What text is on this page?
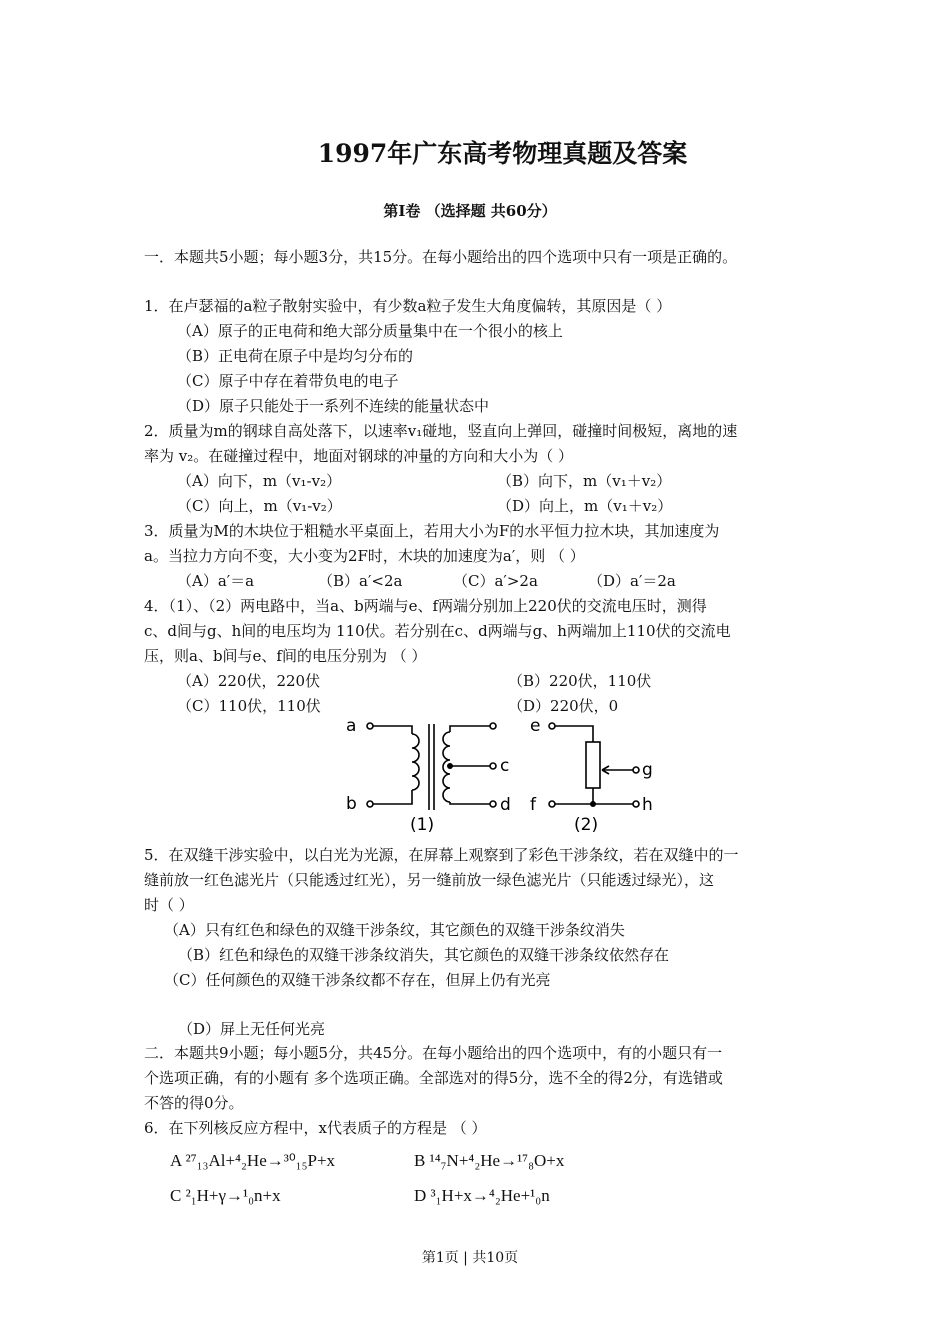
1997年广东高考物理真题及答案
第Ⅰ卷 （选择题 共60分）
一．本题共5小题；每小题3分，共15分。在每小题给出的四个选项中只有一项是正确的。
1．在卢瑟福的a粒子散射实验中，有少数a粒子发生大角度偏转，其原因是（ ）
（A）原子的正电荷和绝大部分质量集中在一个很小的核上
（B）正电荷在原子中是均匀分布的
（C）原子中存在着带负电的电子
（D）原子只能处于一系列不连续的能量状态中
2．质量为m的钢球自高处落下，以速率v₁碰地，竖直向上弹回，碰撞时间极短，离地的速
率为 v₂。在碰撞过程中，地面对钢球的冲量的方向和大小为（ ）
（A）向下，m（v₁-v₂）	（B）向下，m（v₁＋v₂）
（C）向上，m（v₁-v₂）	（D）向上，m（v₁＋v₂）
3．质量为M的木块位于粗糙水平桌面上，若用大小为F的水平恒力拉木块，其加速度为
a。当拉力方向不变，大小变为2F时，木块的加速度为a′，则 （ ）
（A）a′＝a	（B）a′<2a	（C）a′>2a	（D）a′＝2a
4．（1）、（2）两电路中，当a、b两端与e、f两端分别加上220伏的交流电压时，测得
c、d间与g、h间的电压均为 110伏。若分别在c、d两端与g、h两端加上110伏的交流电
压，则a、b间与e、f间的电压分别为 （ ）
（A）220伏，220伏	（B）220伏，110伏
（C）110伏，110伏	（D）220伏，0
a
b
c
d
e
f
g
h
(1)	(2)
5．在双缝干涉实验中，以白光为光源，在屏幕上观察到了彩色干涉条纹，若在双缝中的一
缝前放一红色滤光片（只能透过红光），另一缝前放一绿色滤光片（只能透过绿光），这
时（ ）
（A）只有红色和绿色的双缝干涉条纹，其它颜色的双缝干涉条纹消失
（B）红色和绿色的双缝干涉条纹消失，其它颜色的双缝干涉条纹依然存在
（C）任何颜色的双缝干涉条纹都不存在，但屏上仍有光亮
（D）屏上无任何光亮
二．本题共9小题；每小题5分，共45分。在每小题给出的四个选项中，有的小题只有一
个选项正确，有的小题有 多个选项正确。全部选对的得5分，选不全的得2分，有选错或
不答的得0分。
6．在下列核反应方程中，x代表质子的方程是 （ ）
A ²⁷₁₃Al+⁴₂He→³⁰₁₅P+x	B ¹⁴₇N+⁴₂He→¹⁷₈O+x
C ²₁H+γ→¹₀n+x	D ³₁H+x→⁴₂He+¹₀n
第1页 | 共10页
